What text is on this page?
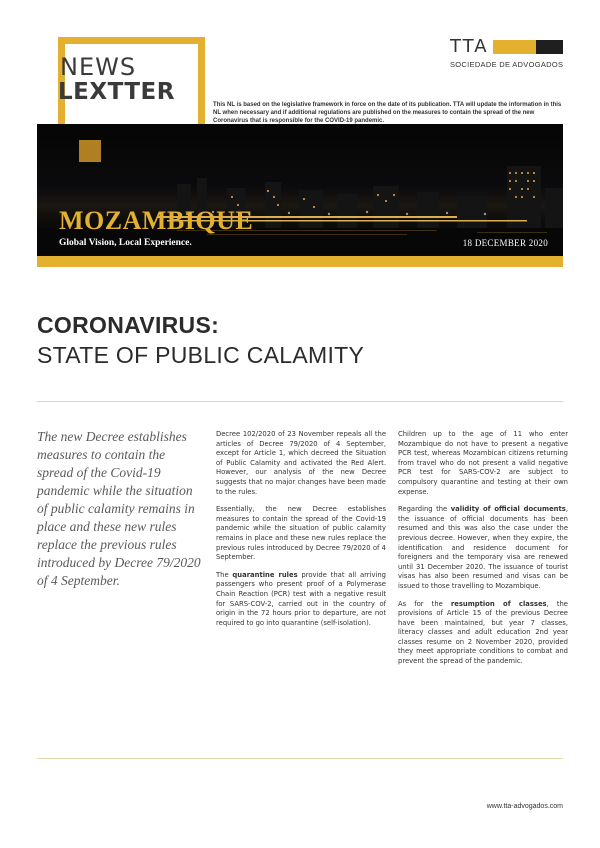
NEWS
LEXTTER
TTA
SOCIEDADE DE ADVOGADOS
This NL is based on the legislative framework in force on the date of its publication. TTA will update the information in this NL when necessary and if additional regulations are published on the measures to contain the spread of the new Coronavirus that is responsible for the COVID-19 pandemic.
MOZAMBIQUE
Global Vision, Local Experience.	18 DECEMBER 2020
CORONAVIRUS:
STATE OF PUBLIC CALAMITY
The new Decree establishes measures to contain the spread of the Covid-19 pandemic while the situation of public calamity remains in place and these new rules replace the previous rules introduced by Decree 79/2020 of 4 September.

Decree 102/2020 of 23 November repeals all the articles of Decree 79/2020 of 4 September, except for Article 1, which decreed the Situation of Public Calamity and activated the Red Alert. However, our analysis of the new Decree suggests that no major changes have been made to the rules.

Essentially, the new Decree establishes measures to contain the spread of the Covid-19 pandemic while the situation of public calamity remains in place and these new rules replace the previous rules introduced by Decree 79/2020 of 4 September.

The quarantine rules provide that all arriving passengers who present proof of a Polymerase Chain Reaction (PCR) test with a negative result for SARS-COV-2, carried out in the country of origin in the 72 hours prior to departure, are not required to go into quarantine (self-isolation).

Children up to the age of 11 who enter Mozambique do not have to present a negative PCR test, whereas Mozambican citizens returning from travel who do not present a valid negative PCR test for SARS-COV-2 are subject to compulsory quarantine and testing at their own expense.

Regarding the validity of official documents, the issuance of official documents has been resumed and this was also the case under the previous decree. However, when they expire, the identification and residence document for foreigners and the temporary visa are renewed until 31 December 2020. The issuance of tourist visas has also been resumed and visas can be issued to those travelling to Mozambique.

As for the resumption of classes, the provisions of Article 15 of the previous Decree have been maintained, but year 7 classes, literacy classes and adult education 2nd year classes resume on 2 November 2020, provided they meet appropriate conditions to combat and prevent the spread of the pandemic.

www.tta-advogados.com
